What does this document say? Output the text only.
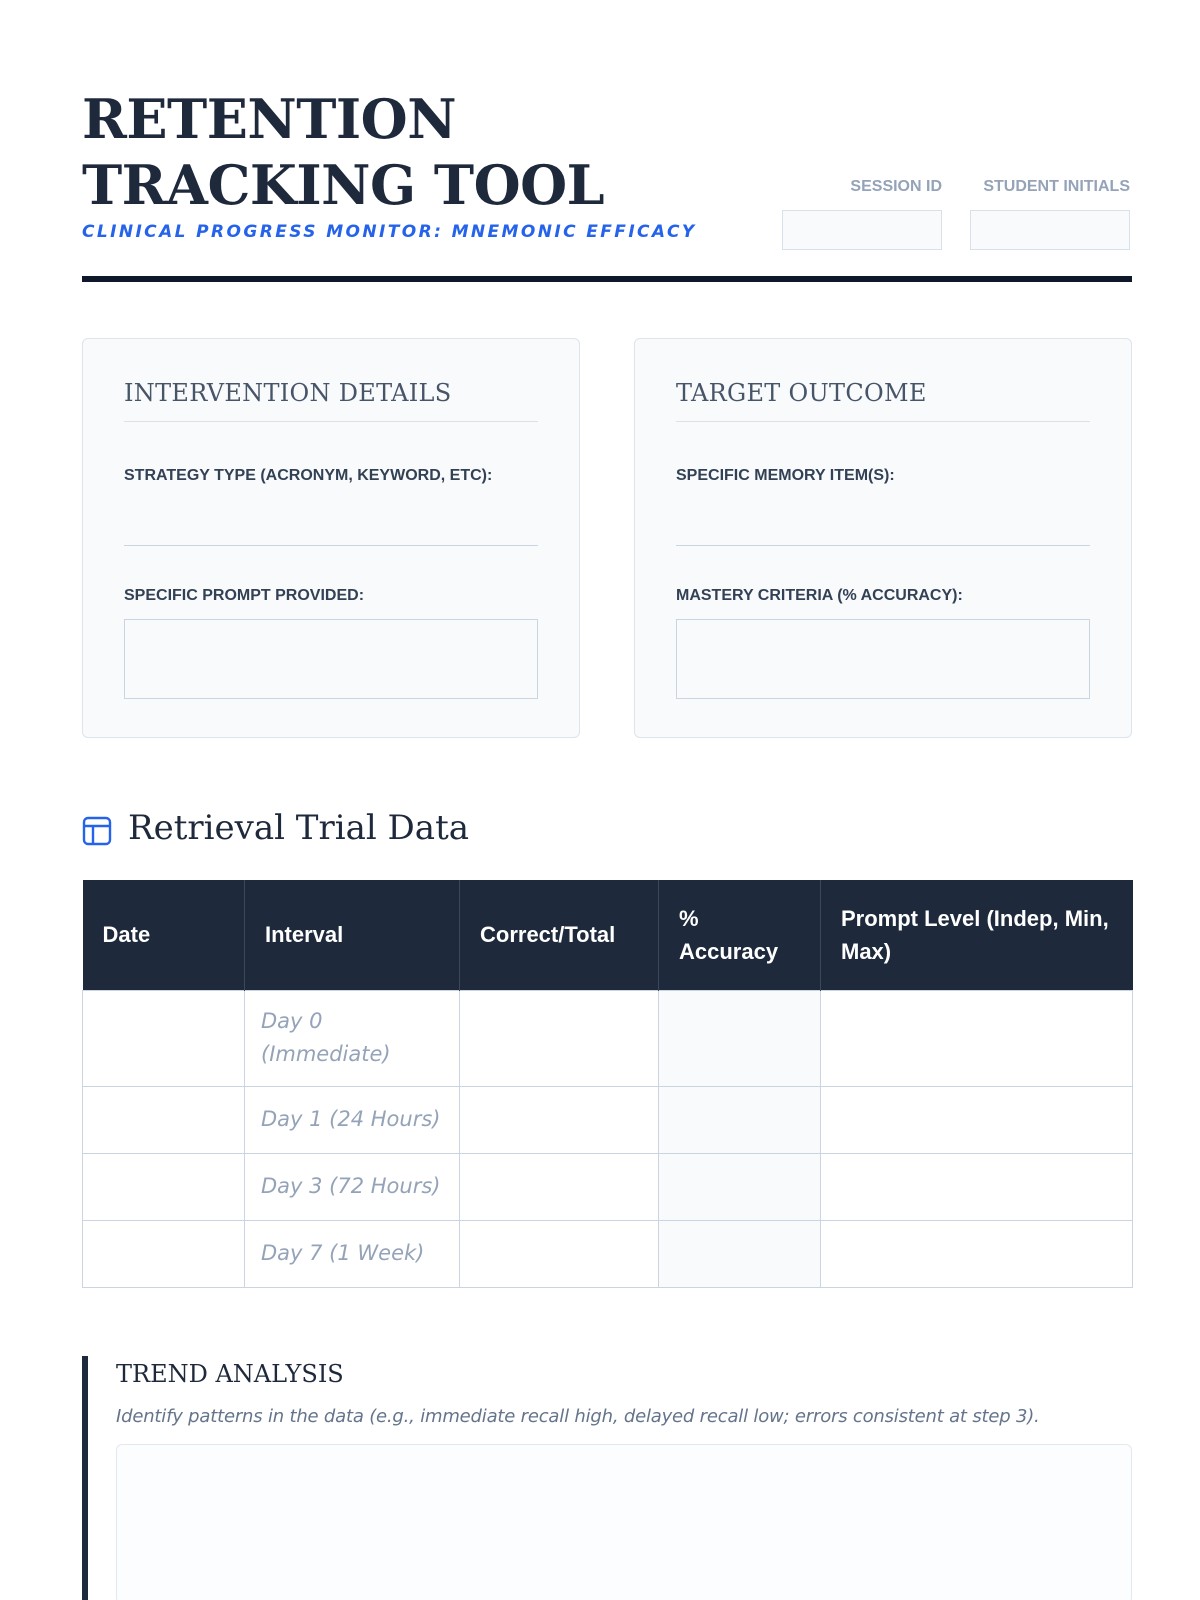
RETENTION TRACKING TOOL
CLINICAL PROGRESS MONITOR: MNEMONIC EFFICACY
SESSION ID	STUDENT INITIALS
INTERVENTION DETAILS
STRATEGY TYPE (ACRONYM, KEYWORD, ETC):
SPECIFIC PROMPT PROVIDED:
TARGET OUTCOME
SPECIFIC MEMORY ITEM(S):
MASTERY CRITERIA (% ACCURACY):
Retrieval Trial Data
Date	Interval	Correct/Total	% Accuracy	Prompt Level (Indep, Min, Max)
	Day 0 (Immediate)			
	Day 1 (24 Hours)			
	Day 3 (72 Hours)			
	Day 7 (1 Week)			
TREND ANALYSIS
Identify patterns in the data (e.g., immediate recall high, delayed recall low; errors consistent at step 3).
